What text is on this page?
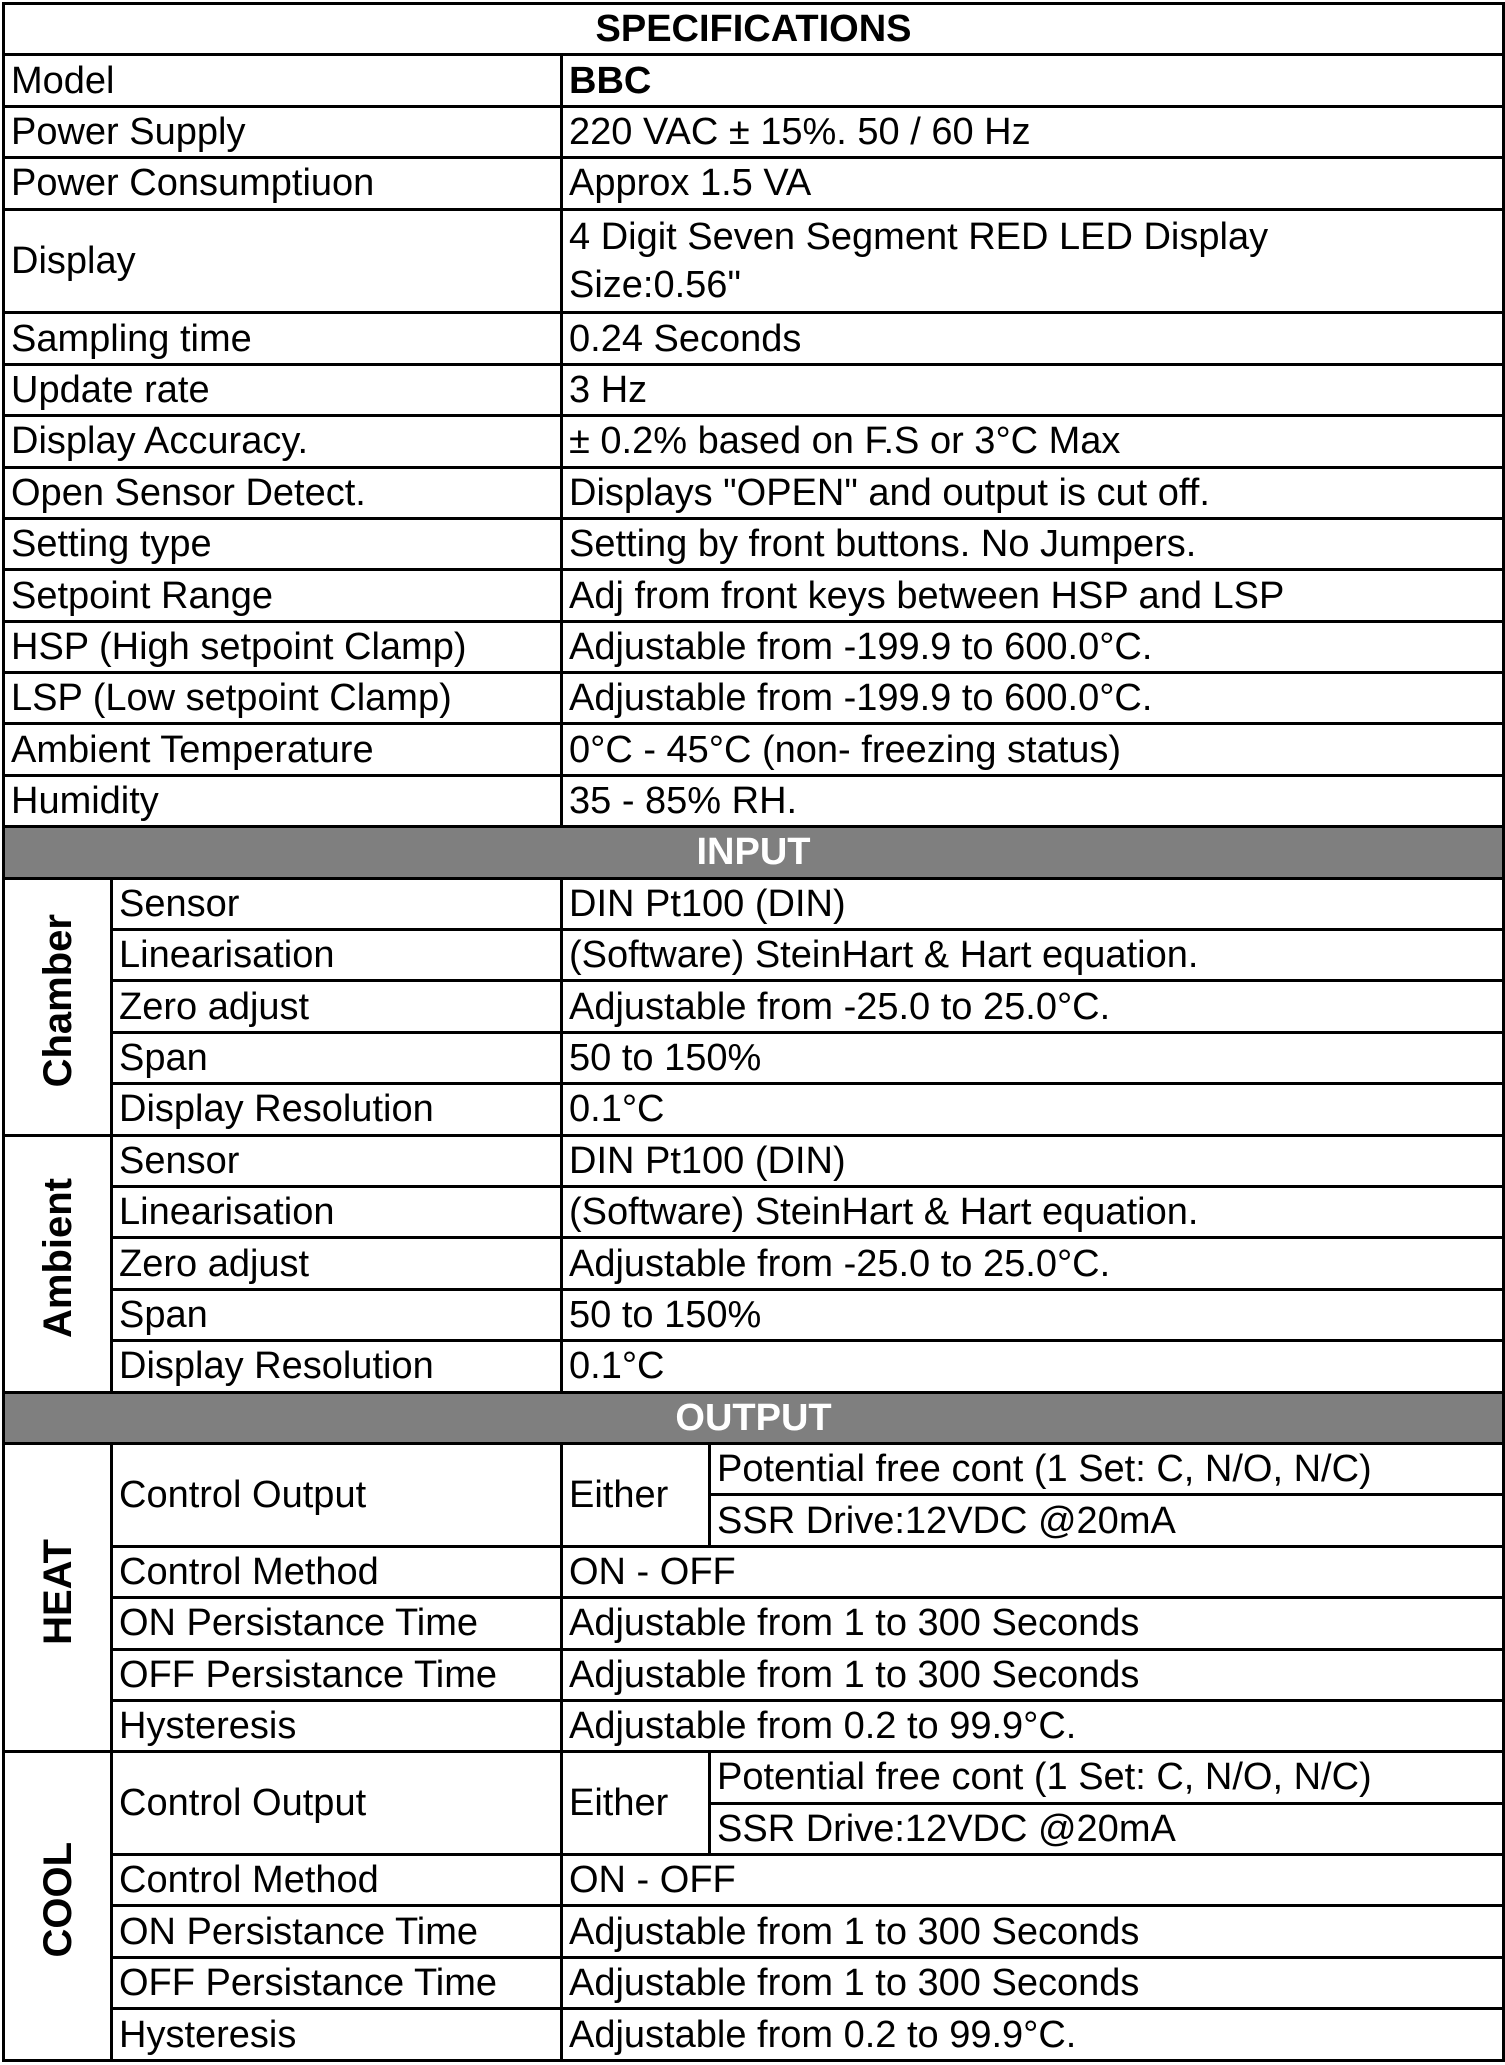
SPECIFICATIONS			
Model		BBC	
Power Supply		220 VAC ± 15%. 50 / 60 Hz	
Power Consumptiuon		Approx 1.5 VA	
Display		4 Digit Seven Segment RED LED Display
Size:0.56"	

Sampling time		0.24 Seconds	
Update rate		3 Hz	
Display Accuracy.		± 0.2% based on F.S or 3°C Max	
Open Sensor Detect.		Displays "OPEN" and output is cut off.	
Setting type		Setting by front buttons. No Jumpers.	
Setpoint Range		Adj from front keys between HSP and LSP	
HSP (High setpoint Clamp)		Adjustable from -199.9 to 600.0°C.	
LSP (Low setpoint Clamp)		Adjustable from -199.9 to 600.0°C.	
Ambient Temperature		0°C - 45°C (non- freezing status)	
Humidity		35 - 85% RH.	
INPUT			
Chamber	Sensor	DIN Pt100 (DIN)	
	Linearisation	(Software) SteinHart & Hart equation.	
	Zero adjust	Adjustable from -25.0 to 25.0°C.	
	Span	50 to 150%	
	Display Resolution	0.1°C	
Ambient	Sensor	DIN Pt100 (DIN)	
	Linearisation	(Software) SteinHart & Hart equation.	
	Zero adjust	Adjustable from -25.0 to 25.0°C.	
	Span	50 to 150%	
	Display Resolution	0.1°C	
OUTPUT			
HEAT	Control Output	Either	Potential free cont (1 Set: C, N/O, N/C)
			SSR Drive:12VDC @20mA
	Control Method	ON - OFF	
	ON Persistance Time	Adjustable from 1 to 300 Seconds	
	OFF Persistance Time	Adjustable from 1 to 300 Seconds	
	Hysteresis	Adjustable from 0.2 to 99.9°C.	
COOL	Control Output	Either	Potential free cont (1 Set: C, N/O, N/C)
			SSR Drive:12VDC @20mA
	Control Method	ON - OFF	
	ON Persistance Time	Adjustable from 1 to 300 Seconds	
	OFF Persistance Time	Adjustable from 1 to 300 Seconds	
	Hysteresis	Adjustable from 0.2 to 99.9°C.	
